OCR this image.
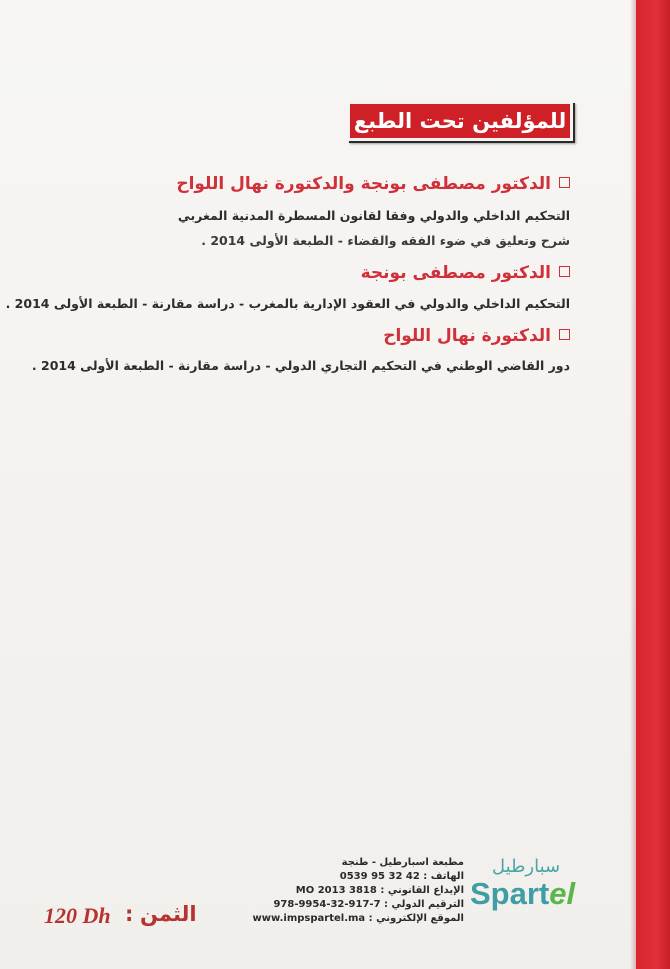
للمؤلفين تحت الطبع
الدكتور مصطفى بونجة والدكتورة نهال اللواح
التحكيم الداخلي والدولي وفقا لقانون المسطرة المدنية المغربي
شرح وتعليق في ضوء الفقه والقضاء - الطبعة الأولى 2014 .
الدكتور مصطفى بونجة
التحكيم الداخلي والدولي في العقود الإدارية بالمغرب - دراسة مقارنة - الطبعة الأولى 2014 .
الدكتورة نهال اللواح
دور القاضي الوطني في التحكيم التجاري الدولي - دراسة مقارنة - الطبعة الأولى 2014 .
مطبعة اسبارطيل - طنجة
الهاتف : 42 32 95 0539
الإيداع القانوني : 3818 MO 2013
الترقيم الدولي : 7-917-32-9954-978
الموقع الإلكتروني : www.impspartel.ma
سبارطيل
Spartel
الثمن
:
120 Dh
